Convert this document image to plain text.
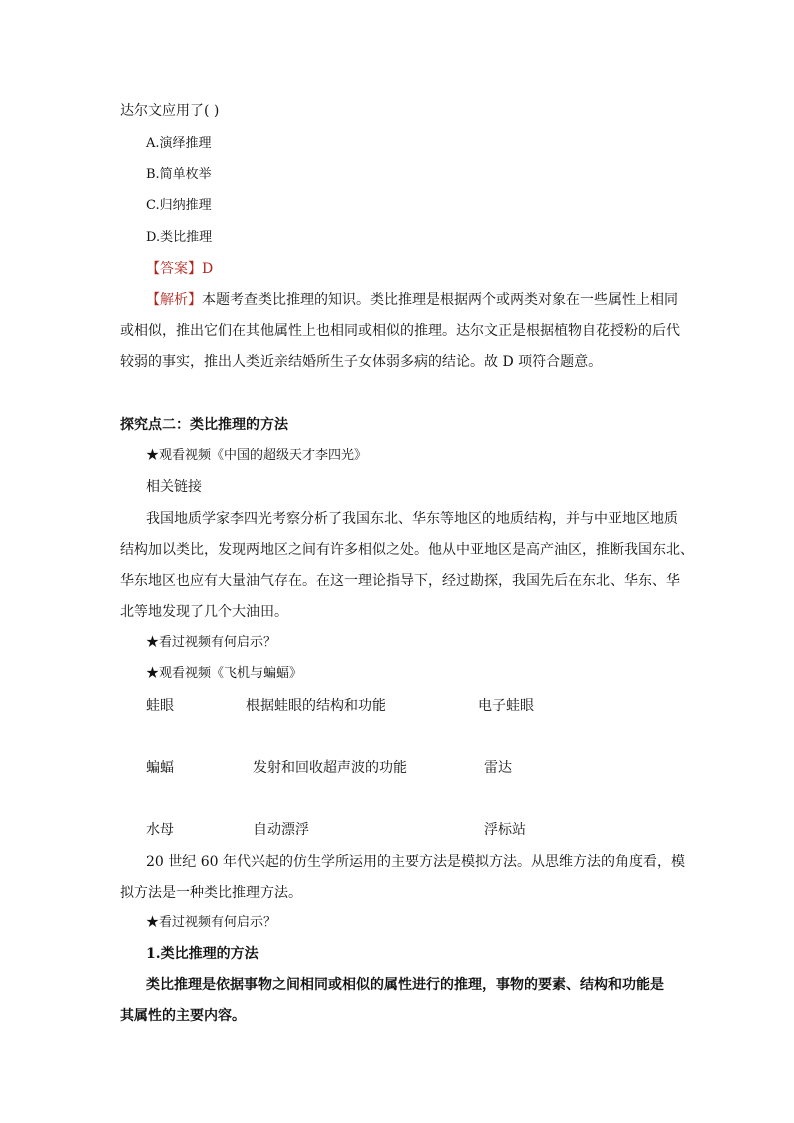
达尔文应用了( )
A.演绎推理
B.简单枚举
C.归纳推理
D.类比推理
【答案】D
【解析】本题考查类比推理的知识。类比推理是根据两个或两类对象在一些属性上相同
或相似，推出它们在其他属性上也相同或相似的推理。达尔文正是根据植物自花授粉的后代
较弱的事实，推出人类近亲结婚所生子女体弱多病的结论。故 D 项符合题意。
探究点二：类比推理的方法
★观看视频《中国的超级天才李四光》
相关链接
我国地质学家李四光考察分析了我国东北、华东等地区的地质结构，并与中亚地区地质
结构加以类比，发现两地区之间有许多相似之处。他从中亚地区是高产油区，推断我国东北、
华东地区也应有大量油气存在。在这一理论指导下，经过勘探，我国先后在东北、华东、华
北等地发现了几个大油田。
★看过视频有何启示？
★观看视频《飞机与蝙蝠》
蛙眼	根据蛙眼的结构和功能	电子蛙眼
蝙蝠	发射和回收超声波的功能	雷达
水母	自动漂浮	浮标站
20 世纪 60 年代兴起的仿生学所运用的主要方法是模拟方法。从思维方法的角度看，模
拟方法是一种类比推理方法。
★看过视频有何启示？
1.类比推理的方法
类比推理是依据事物之间相同或相似的属性进行的推理，事物的要素、结构和功能是
其属性的主要内容。
